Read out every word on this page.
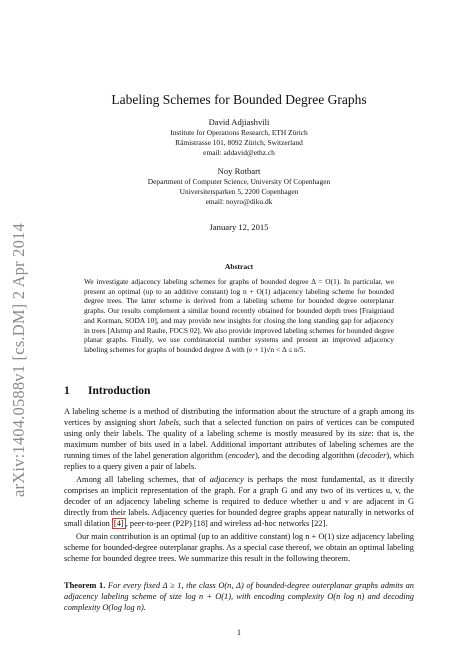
arXiv:1404.0588v1 [cs.DM] 2 Apr 2014
Labeling Schemes for Bounded Degree Graphs
David Adjiashvili
Institute for Operations Research, ETH Zürich
Rämistrasse 101, 8092 Zürich, Switzerland
email: addavid@ethz.ch
Noy Rotbart
Department of Computer Science, University Of Copenhagen
Universitetsparken 5, 2200 Copenhagen
email: noyro@diku.dk
January 12, 2015
Abstract
We investigate adjacency labeling schemes for graphs of bounded degree Δ = O(1). In particular, we present an optimal (up to an additive constant) log n + O(1) adjacency labeling scheme for bounded degree trees. The latter scheme is derived from a labeling scheme for bounded degree outerplanar graphs. Our results complement a similar bound recently obtained for bounded depth trees [Fraigniaud and Korman, SODA 10], and may provide new insights for closing the long standing gap for adjacency in trees [Alstrup and Rauhe, FOCS 02]. We also provide improved labeling schemes for bounded degree planar graphs. Finally, we use combinatorial number systems and present an improved adjacency labeling schemes for graphs of bounded degree Δ with (e + 1)√n < Δ ≤ n/5.
1 Introduction

A labeling scheme is a method of distributing the information about the structure of a graph among its vertices by assigning short labels, such that a selected function on pairs of vertices can be computed using only their labels. The quality of a labeling scheme is mostly measured by its size: that is, the maximum number of bits used in a label. Additional important attributes of labeling schemes are the running times of the label generation algorithm (encoder), and the decoding algorithm (decoder), which replies to a query given a pair of labels.

Among all labeling schemes, that of adjacency is perhaps the most fundamental, as it directly comprises an implicit representation of the graph. For a graph G and any two of its vertices u, v, the decoder of an adjacency labeling scheme is required to deduce whether u and v are adjacent in G directly from their labels. Adjacency queries for bounded degree graphs appear naturally in networks of small dilation [4] , peer-to-peer (P2P) [18] and wireless ad-hoc networks [22].

Our main contribution is an optimal (up to an additive constant) log n + O(1) size adjacency labeling scheme for bounded-degree outerplanar graphs. As a special case thereof, we obtain an optimal labeling scheme for bounded degree trees. We summarize this result in the following theorem.

Theorem 1. For every fixed Δ ≥ 1, the class O(n, Δ) of bounded-degree outerplanar graphs admits an adjacency labeling scheme of size log n + O(1), with encoding complexity O(n log n) and decoding complexity O(log log n).
1
